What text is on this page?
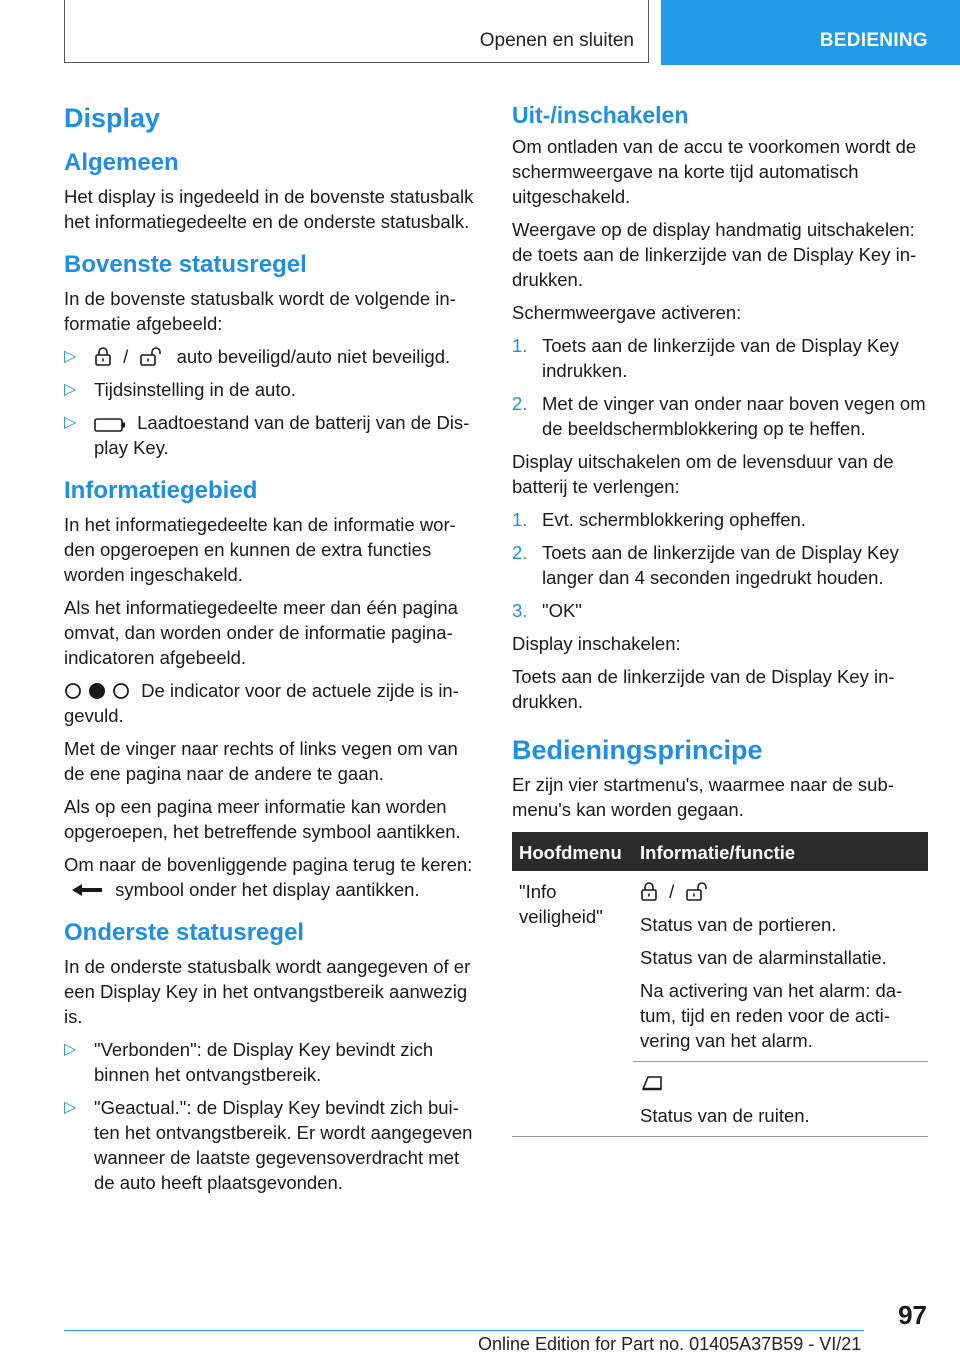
Openen en sluiten	BEDIENING
Display
Algemeen

Het display is ingedeeld in de bovenste statusbalk het informatiegedeelte en de onderste statusbalk.

Bovenste statusregel

In de bovenste statusbalk wordt de volgende informatie afgebeeld:

▷	/	auto beveiligd/auto niet beveiligd.
▷ Tijdsinstelling in de auto.
▷	Laadtoestand van de batterij van de Display Key.
Informatiegebied

In het informatiegedeelte kan de informatie worden opgeroepen en kunnen de extra functies worden ingeschakeld.

Als het informatiegedeelte meer dan één pagina omvat, dan worden onder de informatie paginaindicatoren afgebeeld.

De indicator voor de actuele zijde is ingevuld.

Met de vinger naar rechts of links vegen om van de ene pagina naar de andere te gaan.

Als op een pagina meer informatie kan worden opgeroepen, het betreffende symbool aantikken.

Om naar de bovenliggende pagina terug te keren:  symbool onder het display aantikken.

Onderste statusregel

In de onderste statusbalk wordt aangegeven of er een Display Key in het ontvangstbereik aanwezig is.

▷ "Verbonden": de Display Key bevindt zich binnen het ontvangstbereik.
▷ "Geactual.": de Display Key bevindt zich buiten het ontvangstbereik. Er wordt aangegeven wanneer de laatste gegevensoverdracht met de auto heeft plaatsgevonden.
Uit-/inschakelen

Om ontladen van de accu te voorkomen wordt de schermweergave na korte tijd automatisch uitgeschakeld.

Weergave op de display handmatig uitschakelen: de toets aan de linkerzijde van de Display Key indrukken.

Schermweergave activeren:

1. Toets aan de linkerzijde van de Display Key indrukken.
2. Met de vinger van onder naar boven vegen om de beeldschermblokkering op te heffen.

Display uitschakelen om de levensduur van de batterij te verlengen:

1. Evt. schermblokkering opheffen.
2. Toets aan de linkerzijde van de Display Key langer dan 4 seconden ingedrukt houden.
3. "OK"

Display inschakelen:

Toets aan de linkerzijde van de Display Key indrukken.

Bedieningsprincipe

Er zijn vier startmenu's, waarmee naar de submenu's kan worden gegaan.

Hoofdmenu	Informatie/functie
"Info veiligheid"	/

Status van de portieren.

Status van de alarminstallatie.

Na activering van het alarm: datum, tijd en reden voor de activering van het alarm.

	Status van de ruiten.

97
Online Edition for Part no. 01405A37B59 - VI/21
